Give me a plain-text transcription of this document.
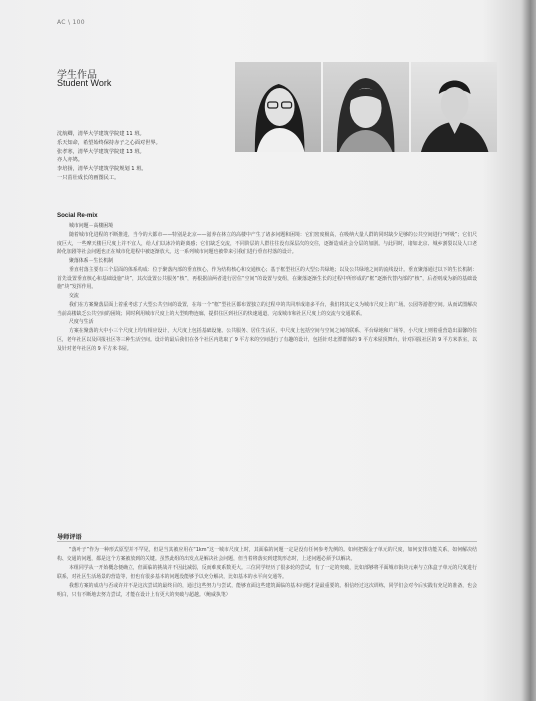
AC \ 100
学生作品
Student Work
沈航卿，清华大学建筑学院建 11 班。
乐天知命，希望始终保持赤子之心面对世界。
张孝寒，清华大学建筑学院建 13 班。
亦人亦鸠。
李培扬，清华大学建筑学院规划 1 班。
一只茁壮成长的画图民工。
Social Re-mix
城市问题－高楼困境

随着城市化进程的不断推进，当今的大都市——特别是北京——滋养在林立的高楼中产生了诸多问题和困境：它们密度极高，在吸纳大量人群的同时缺少足够的公共空间进行“呼吸”；它们尺度巨大，一些摩天楼巨尺度上并不宜人，给人们以冰冷的距离感；它们缺乏交流，不同阶层的人群往往没有深层次的交往，逐渐造成社会分层的加剧。与此同时，诸如北京、城乡割裂以及人口老龄化加剧等社会问题也正在城市化进程中被逐渐放大。这一系列城市问题也被带来引我们进行垂直村落的设计。

聚落体系－生长机制

垂直村落主要有三个层面的体系构成：位于聚落内部的垂直核心，作为结构核心和交通核心；基于框型社区的大型公共绿地；以及公共绿地之间的流线设计。垂直聚落通过以下的生长机制：首先设置垂直核心和基础设施“块”，其次设置公共服务“核”，再根据前两者进行居住“空间”的设置与变组，在聚落逐渐生长的过程中所形成的“框”逐渐代替内部的“核”，后者则成为新的基础设施“块”发挥作用。

交流

我们在方案聚落层面上着重考虑了大型公共空间的设置，在每一个“框”型社区都布置独立的过程中的共同形成诸多平台，我们将其定义为城市尺度上的广场。公园等游憩空间。从而试图解决当前高楼缺乏公共空间的困境；同时利用城市尺度上的大型购物连廊，提供住区到社区的快速通道，完成城市和社区尺度上的交流与交通联系。

尺度与生活

方案在聚落的大中小三个尺度上均有相应设计，大尺度上包括基础设施、公共服务、居住生活区，中尺度上包括空间与空间之间的联系、平台绿地和广场等，小尺度上则着重营造出温馨的住区，老年社区以及回报社区等三种生活空间。设计的最后我们在各个社区内选取了 9 平方米的空间进行了有趣的设计，包括针对北漂群体的 9 平方米屋顶舞台，针对回报社区的 9 平方米茶室，以及针对老年社区的 9 平方米书屋。

导师评语

“落叶子”作为一种形式原型并不罕见，但是当其被应用在“1km”这一城市尺度上时，其面临的问题一定是没有任何参考先例的。如何把握金子单元的尺度，如何安排功能关系，如何解决结构、交通的问题，都是这个方案被放到的关键。虽然此组的出发点是解决社会问题，但当着将落实到建筑形态时，上述问题必须予以解决。

本组同学从一开始概念便确立，但面临的挑战并不因此减弱，反而难度系数更大。三位同学经历了很多轮的尝试，有了一定的突破，比如部够将平面城市街块元素与立体盒子单元的尺度进行联系，对社区生活场景的营造等，但也有很多基本的问题没能够予以充分解决，比如基本的水平向交通等。

我想方案的成功与否或许并不是这次尝试的最终目的，通过这些努力与尝试，能够直面这些建筑面临的基本问题才是最重要的。相信经过这次训练，同学们会对今后实践有充足的准备，也会明白，只有不断地去努力尝试，才能在设计上有更大的突破与超越。（鲍威执笔）
